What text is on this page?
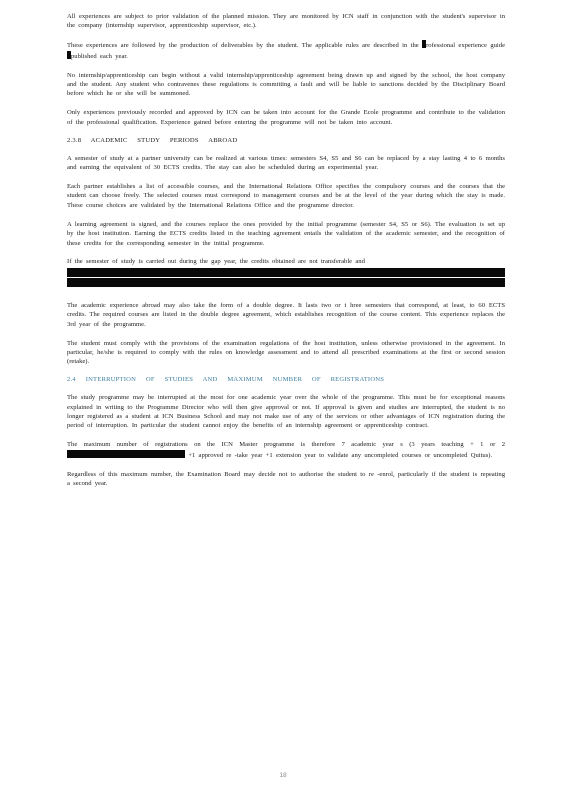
All experiences are subject to prior validation of the planned mission. They are monitored by ICN staff in conjunction with the student's supervisor in the company (internship supervisor, apprenticeship supervisor, etc.).

These experiences are followed by the production of deliverables by the student. The applicable rules are described in the rofessional experience guide published each year.

No internship/apprenticeship can begin without a valid internship/apprenticeship agreement being drawn up and signed by the school, the host company and the student. Any student who contravenes these regulations is committing a fault and will be liable to sanctions decided by the Disciplinary Board before which he or she will be summoned.

Only experiences previously recorded and approved by ICN can be taken into account for the Grande Ecole programme and contribute to the validation of the professional qualification. Experience gained before entering the programme will not be taken into account.

2.3.8 ACADEMIC STUDY PERIODS ABROAD

A semester of study at a partner university can be realized at various times: semesters S4, S5 and S6 can be replaced by a stay lasting 4 to 6 months and earning the equivalent of 30 ECTS credits. The stay can also be scheduled during an experimental year.

Each partner establishes a list of accessible courses, and the International Relations Office specifies the compulsory courses and the courses that the student can choose freely. The selected courses must correspond to management courses and be at the level of the year during which the stay is made. These course choices are validated by the International Relations Office and the programme director.

A learning agreement is signed, and the courses replace the ones provided by the initial programme (semester S4, S5 or S6). The evaluation is set up by the host institution. Earning the ECTS credits listed in the teaching agreement entails the validation of the academic semester, and the recognition of these credits for the corresponding semester in the initial programme.

If the semester of study is carried out during the gap year, the credits obtained are not transferable and

The academic experience abroad may also take the form of a double degree. It lasts two or t hree semesters that correspond, at least, to 60 ECTS credits. The required courses are listed in the double degree agreement, which establishes recognition of the course content. This experience replaces the 3rd year of the programme.

The student must comply with the provisions of the examination regulations of the host institution, unless otherwise provisioned in the agreement. In particular, he/she is required to comply with the rules on knowledge assessment and to attend all prescribed examinations at the first or second session (retake).

2.4 INTERRUPTION OF STUDIES AND MAXIMUM NUMBER OF REGISTRATIONS

The study programme may be interrupted at the most for one academic year over the whole of the programme. This must be for exceptional reasons explained in writing to the Programme Director who will then give approval or not. If approval is given and studies are interrupted, the student is no longer registered as a student at ICN Business School and may not make use of any of the services or other advantages of ICN registration during the period of interruption. In particular the student cannot enjoy the benefits of an internship agreement or apprenticeship contract.

The maximum number of registrations on the ICN Master programme is therefore 7 academic year s (3 years teaching + 1 or 2  +1 approved re -take year +1 extension year to validate any uncompleted courses or uncompleted Quitus).

Regardless of this maximum number, the Examination Board may decide not to authorise the student to re -enrol, particularly if the student is repeating a second year.

18
